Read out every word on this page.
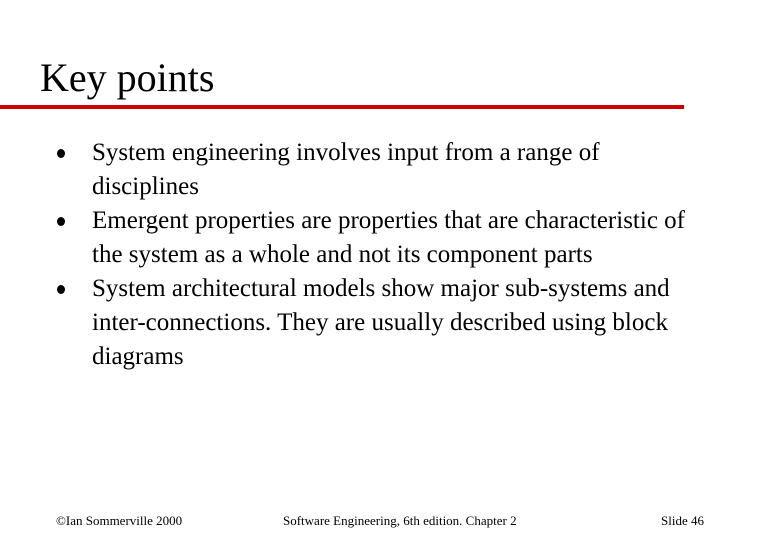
Key points
System engineering involves input from a range of disciplines
Emergent properties are properties that are characteristic of the system as a whole and not its component parts
System architectural models show major sub-systems and inter-connections. They are usually described using block diagrams
©Ian Sommerville 2000	Software Engineering, 6th edition. Chapter 2	Slide 46
